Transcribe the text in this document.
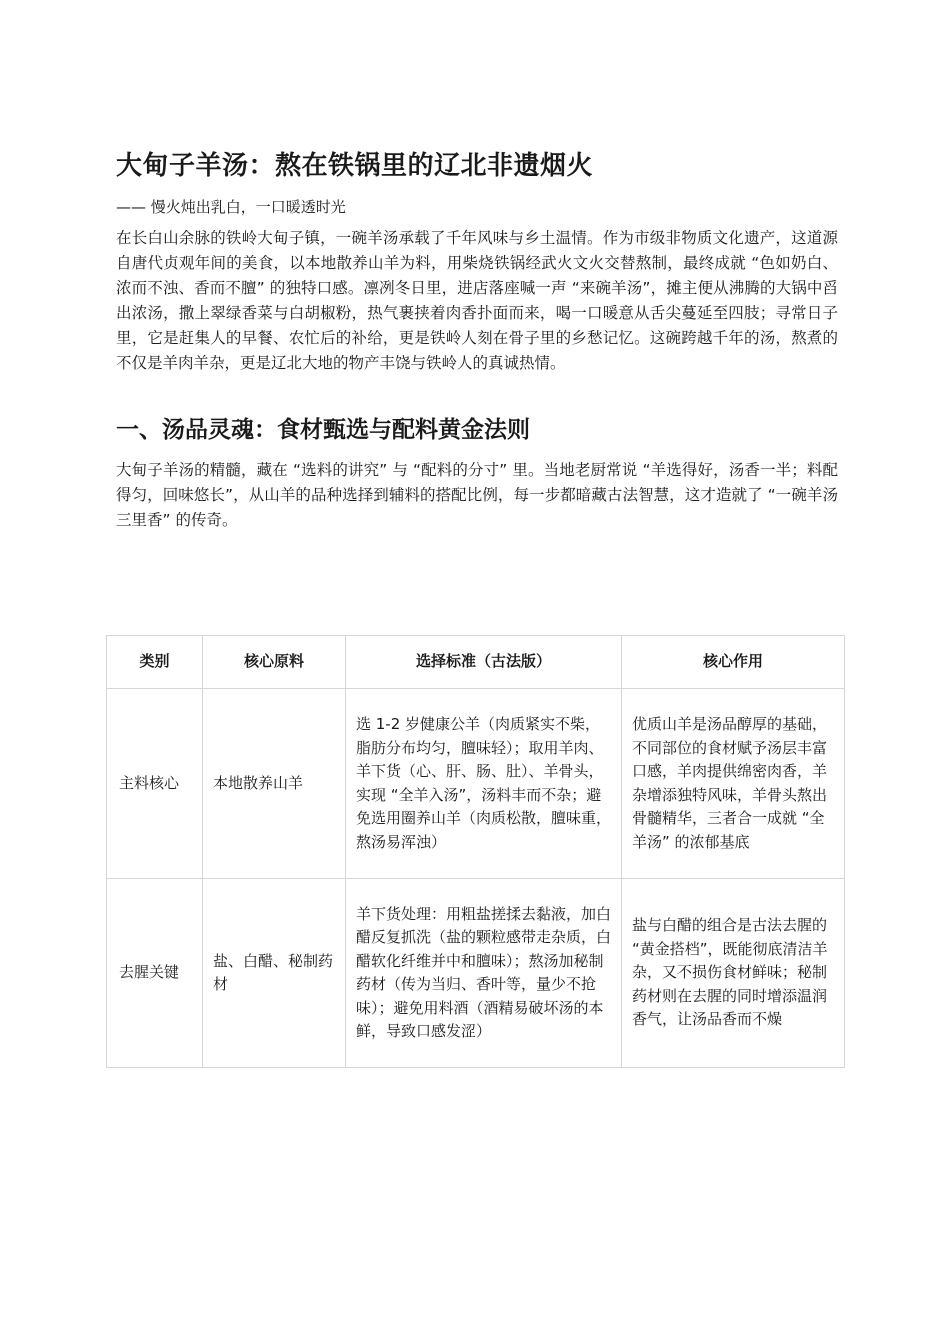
大甸子羊汤：熬在铁锅里的辽北非遗烟火

—— 慢火炖出乳白，一口暖透时光

在长白山余脉的铁岭大甸子镇，一碗羊汤承载了千年风味与乡土温情。作为市级非物质文化遗产，这道源自唐代贞观年间的美食，以本地散养山羊为料，用柴烧铁锅经武火文火交替熬制，最终成就 “色如奶白、浓而不浊、香而不膻” 的独特口感。凛冽冬日里，进店落座喊一声 “来碗羊汤”，摊主便从沸腾的大锅中舀出浓汤，撒上翠绿香菜与白胡椒粉，热气裹挟着肉香扑面而来，喝一口暖意从舌尖蔓延至四肢；寻常日子里，它是赶集人的早餐、农忙后的补给，更是铁岭人刻在骨子里的乡愁记忆。这碗跨越千年的汤，熬煮的不仅是羊肉羊杂，更是辽北大地的物产丰饶与铁岭人的真诚热情。

一、汤品灵魂：食材甄选与配料黄金法则

大甸子羊汤的精髓，藏在 “选料的讲究” 与 “配料的分寸” 里。当地老厨常说 “羊选得好，汤香一半；料配得匀，回味悠长”，从山羊的品种选择到辅料的搭配比例，每一步都暗藏古法智慧，这才造就了 “一碗羊汤三里香” 的传奇。

类别	核心原料	选择标准（古法版）	核心作用
主料核心	本地散养山羊	选 1-2 岁健康公羊（肉质紧实不柴，脂肪分布均匀，膻味轻）；取用羊肉、羊下货（心、肝、肠、肚）、羊骨头，实现 “全羊入汤”，汤料丰而不杂；避免选用圈养山羊（肉质松散，膻味重，熬汤易浑浊）	优质山羊是汤品醇厚的基础，不同部位的食材赋予汤层丰富口感，羊肉提供绵密肉香，羊杂增添独特风味，羊骨头熬出骨髓精华，三者合一成就 “全羊汤” 的浓郁基底
去腥关键	盐、白醋、秘制药材	羊下货处理：用粗盐搓揉去黏液，加白醋反复抓洗（盐的颗粒感带走杂质，白醋软化纤维并中和膻味）；熬汤加秘制药材（传为当归、香叶等，量少不抢味）；避免用料酒（酒精易破坏汤的本鲜，导致口感发涩）	盐与白醋的组合是古法去腥的 “黄金搭档”，既能彻底清洁羊杂，又不损伤食材鲜味；秘制药材则在去腥的同时增添温润香气，让汤品香而不燥
